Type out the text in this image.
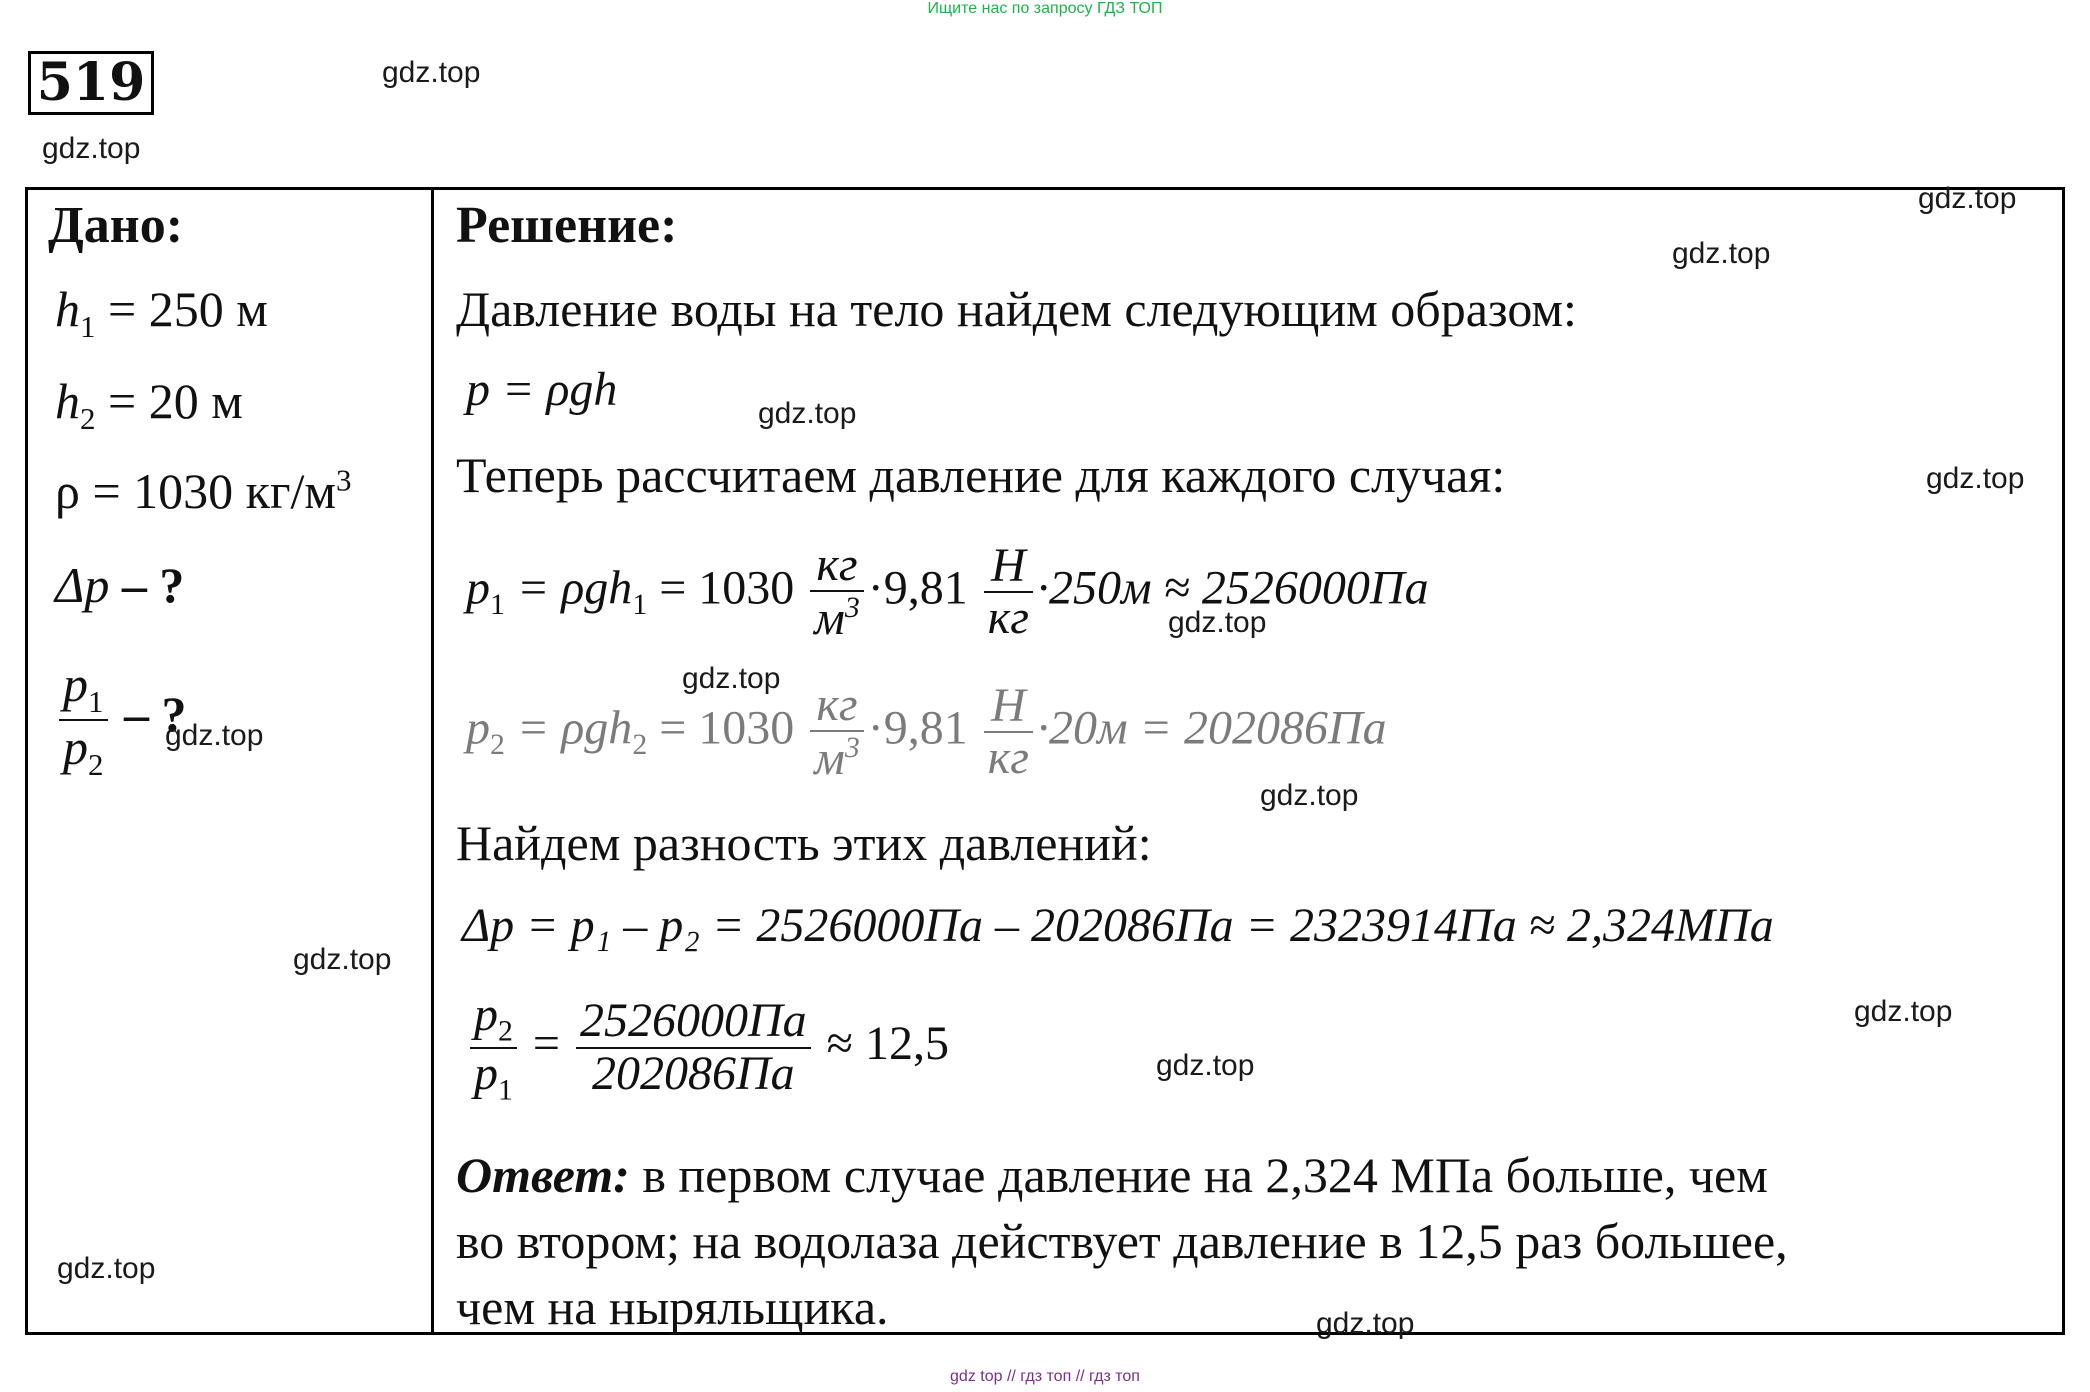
Ищите нас по запросу ГДЗ ТОП
519
Дано:
$h_1 = 250$ м
$h_2 = 20$ м
ρ = 1030 $кг/м^3$
Δp – ?
$\frac{p_1}{p_2}$ – ?
Решение:
Давление воды на тело найдем следующим образом:
p = ρgh
Теперь рассчитаем давление для каждого случая:
$p_1 = \rho gh_1 = 1030 \frac{кг}{м^3} \cdot 9,81 \frac{Н}{кг} \cdot 250м \approx 2526000Па$
$p_2 = \rho gh_2 = 1030 \frac{кг}{м^3} \cdot 9,81 \frac{Н}{кг} \cdot 20м = 202086Па$
Найдем разность этих давлений:
Δp = p₁ – p₂ = 2526000Па – 202086Па = 2323914Па ≈ 2,324МПа
$\frac{p_2}{p_1} = \frac{2526000Па}{202086Па} \approx 12,5$
Ответ: в первом случае давление на 2,324 МПа больше, чем
во втором; на водолаза действует давление в 12,5 раз большее,
чем на ныряльщика.
gdz.top
gdz.top
gdz.top
gdz.top
gdz.top
gdz.top
gdz.top
gdz.top
gdz.top
gdz.top
gdz.top
gdz.top
gdz.top
gdz.top
gdz.top
gdz top // гдз топ // гдз топ
